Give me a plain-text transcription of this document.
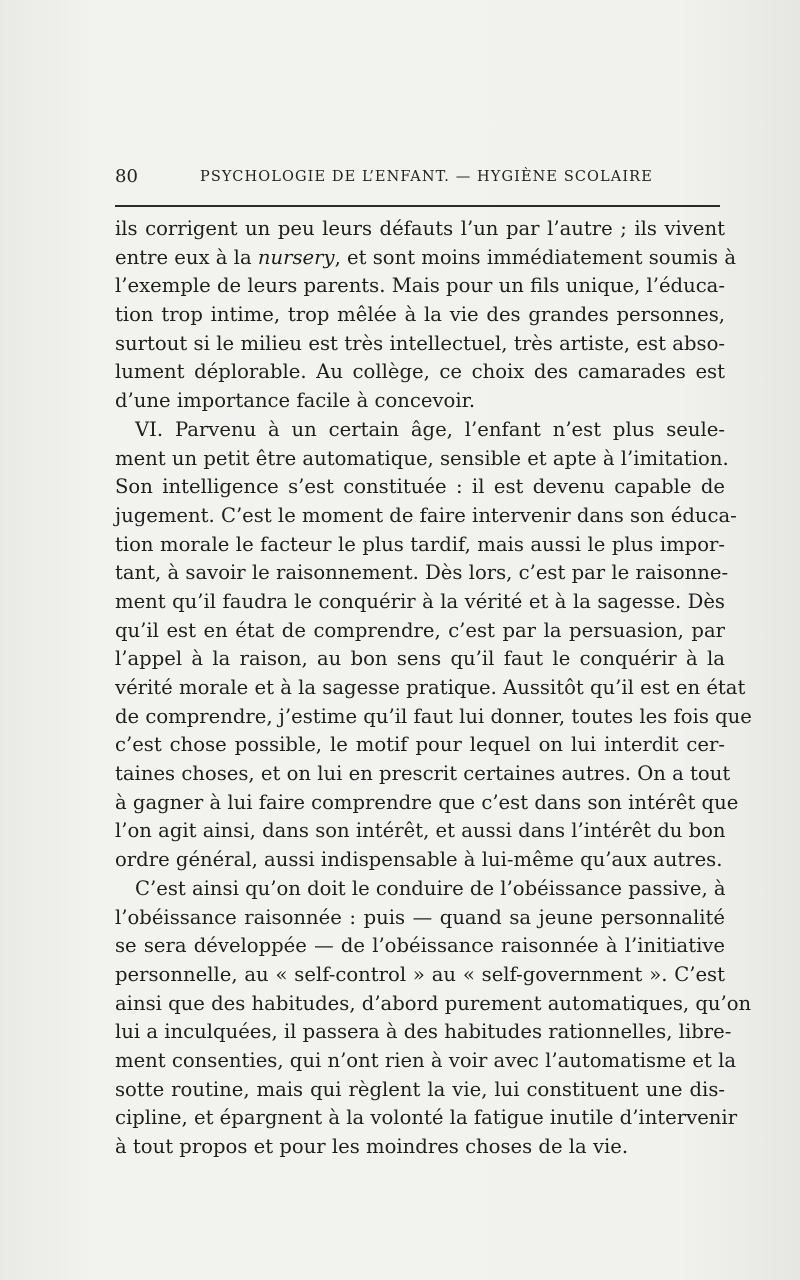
80	PSYCHOLOGIE DE L’ENFANT. — HYGIÈNE SCOLAIRE
ils corrigent un peu leurs défauts l’un par l’autre ; ils vivent
entre eux à la nursery, et sont moins immédiatement soumis à
l’exemple de leurs parents. Mais pour un fils unique, l’éduca-
tion trop intime, trop mêlée à la vie des grandes personnes,
surtout si le milieu est très intellectuel, très artiste, est abso-
lument déplorable. Au collège, ce choix des camarades est
d’une importance facile à concevoir.
VI. Parvenu à un certain âge, l’enfant n’est plus seule-
ment un petit être automatique, sensible et apte à l’imitation.
Son intelligence s’est constituée : il est devenu capable de
jugement. C’est le moment de faire intervenir dans son éduca-
tion morale le facteur le plus tardif, mais aussi le plus impor-
tant, à savoir le raisonnement. Dès lors, c’est par le raisonne-
ment qu’il faudra le conquérir à la vérité et à la sagesse. Dès
qu’il est en état de comprendre, c’est par la persuasion, par
l’appel à la raison, au bon sens qu’il faut le conquérir à la
vérité morale et à la sagesse pratique. Aussitôt qu’il est en état
de comprendre, j’estime qu’il faut lui donner, toutes les fois que
c’est chose possible, le motif pour lequel on lui interdit cer-
taines choses, et on lui en prescrit certaines autres. On a tout
à gagner à lui faire comprendre que c’est dans son intérêt que
l’on agit ainsi, dans son intérêt, et aussi dans l’intérêt du bon
ordre général, aussi indispensable à lui-même qu’aux autres.
C’est ainsi qu’on doit le conduire de l’obéissance passive, à
l’obéissance raisonnée : puis — quand sa jeune personnalité
se sera développée — de l’obéissance raisonnée à l’initiative
personnelle, au « self-control » au « self-government ». C’est
ainsi que des habitudes, d’abord purement automatiques, qu’on
lui a inculquées, il passera à des habitudes rationnelles, libre-
ment consenties, qui n’ont rien à voir avec l’automatisme et la
sotte routine, mais qui règlent la vie, lui constituent une dis-
cipline, et épargnent à la volonté la fatigue inutile d’intervenir
à tout propos et pour les moindres choses de la vie.
